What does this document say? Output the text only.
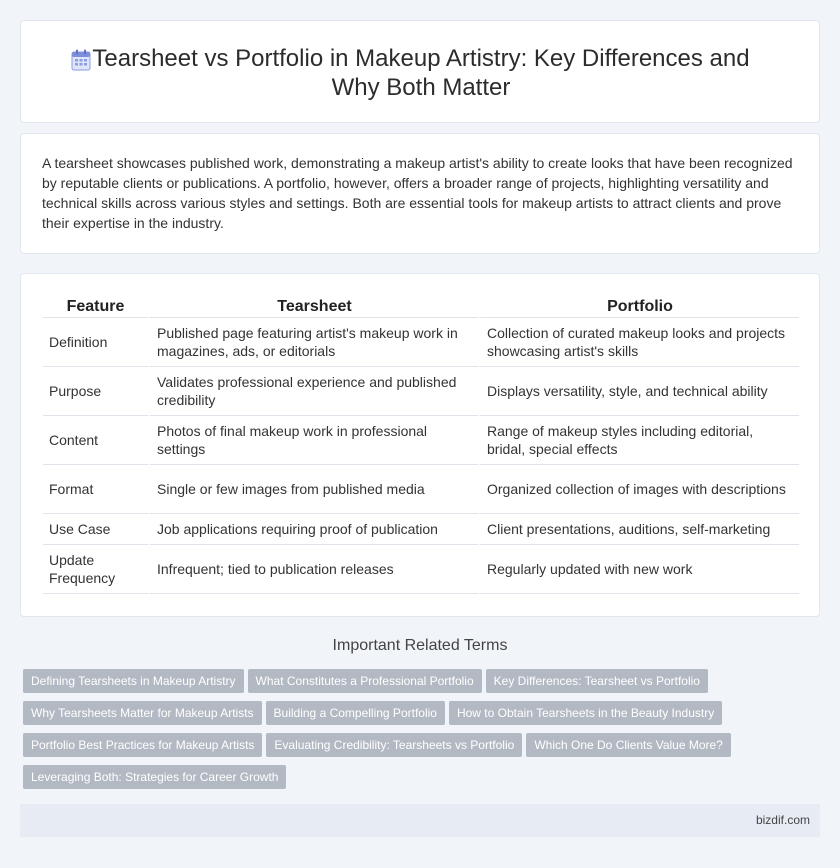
Tearsheet vs Portfolio in Makeup Artistry: Key Differences and Why Both Matter

A tearsheet showcases published work, demonstrating a makeup artist's ability to create looks that have been recognized by reputable clients or publications. A portfolio, however, offers a broader range of projects, highlighting versatility and technical skills across various styles and settings. Both are essential tools for makeup artists to attract clients and prove their expertise in the industry.

Feature	Tearsheet	Portfolio
Definition	Published page featuring artist's makeup work in magazines, ads, or editorials	Collection of curated makeup looks and projects showcasing artist's skills
Purpose	Validates professional experience and published credibility	Displays versatility, style, and technical ability
Content	Photos of final makeup work in professional settings	Range of makeup styles including editorial, bridal, special effects
Format	Single or few images from published media	Organized collection of images with descriptions
Use Case	Job applications requiring proof of publication	Client presentations, auditions, self-marketing
Update Frequency	Infrequent; tied to publication releases	Regularly updated with new work
Important Related Terms
Defining Tearsheets in Makeup Artistry What Constitutes a Professional Portfolio Key Differences: Tearsheet vs Portfolio
Why Tearsheets Matter for Makeup Artists Building a Compelling Portfolio How to Obtain Tearsheets in the Beauty Industry
Portfolio Best Practices for Makeup Artists Evaluating Credibility: Tearsheets vs Portfolio Which One Do Clients Value More?
Leveraging Both: Strategies for Career Growth
bizdif.com
